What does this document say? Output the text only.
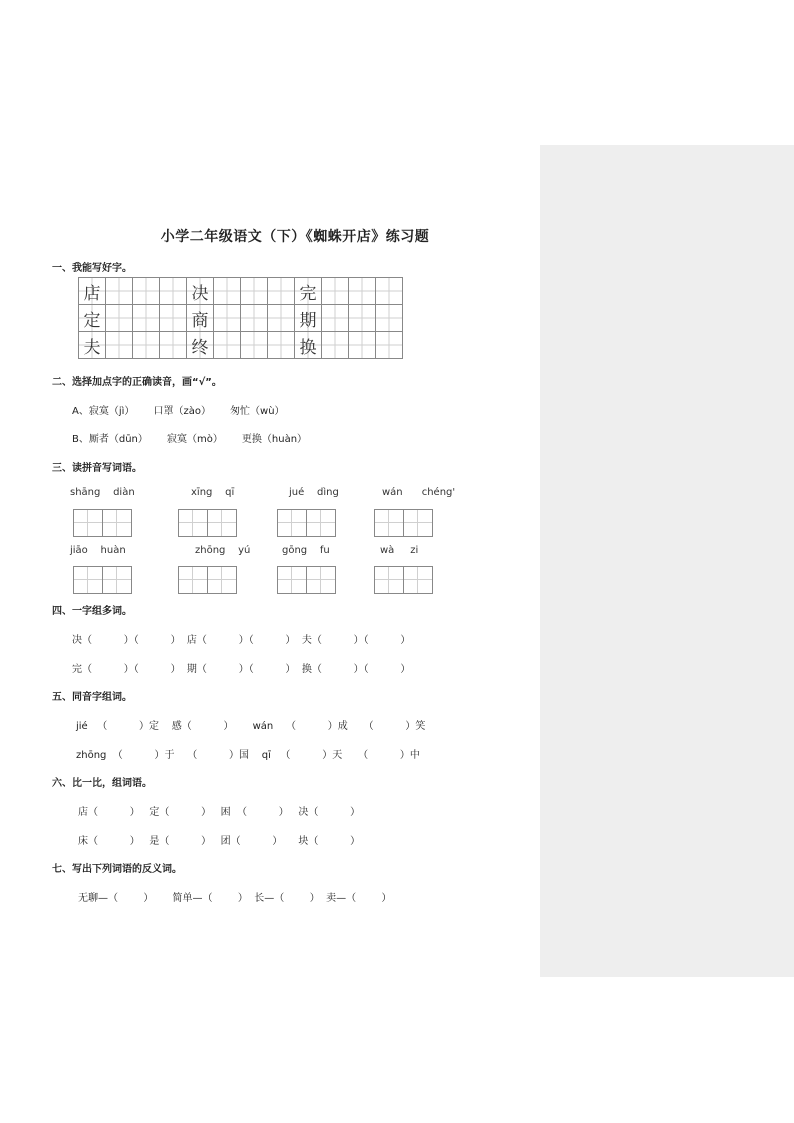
小学二年级语文（下）《蜘蛛开店》练习题
一、我能写好字。
店				决				完			
定				商				期			
夫				终				换			
二、选择加点字的正确读音，画“√”。
A、寂寞（jì）      口罩（zào）      匆忙（wù）
B、厮者（dūn）      寂寞（mò）      更换（huàn）
三、读拼音写词语。
shāng    diàn	xīng    qī	jué    dìng	wán      chéng'
jiāo    huàn	zhōng    yú	gōng    fu	wà     zi
四、一字组多词。
决（          ）（          ）  店（          ）（          ）  夫（          ）（          ）
完（          ）（          ）  期（          ）（          ）  换（          ）（          ）
五、同音字组词。
jié   （          ）定    感（          ）      wán    （          ）成     （          ）笑
zhōng  （          ）于    （          ）国    qī   （          ）天     （          ）中
六、比一比，组词语。
店（          ）   定（          ）   困  （          ）   决（          ）
床（          ）   是（          ）   团（          ）     块（          ）
七、写出下列词语的反义词。
无聊—（        ）      简单—（        ）  长—（        ）  卖—（        ）
